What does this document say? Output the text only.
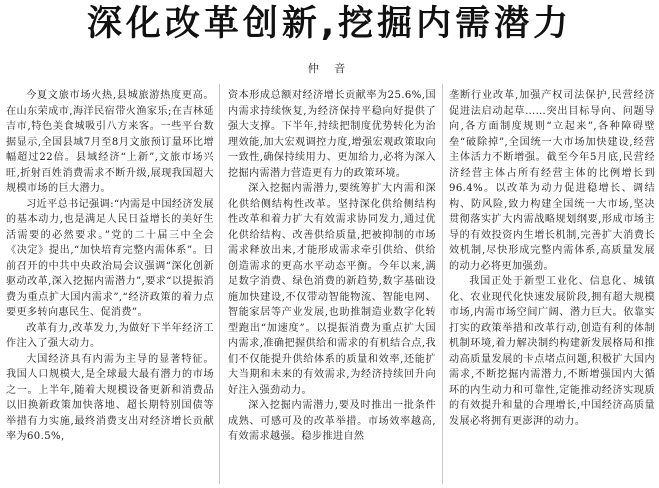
深化改革创新,挖掘内需潜力
仲 音

今夏文旅市场火热,县城旅游热度更高。在山东荣成市,海洋民宿带火渔家乐;在吉林延吉市,特色美食城吸引八方来客。一些平台数据显示,全国县域7月至8月文旅预订量环比增幅超过22倍。县域经济“上新”,文旅市场兴旺,折射百姓消费需求不断升级,展现我国超大规模市场的巨大潜力。

习近平总书记强调:“内需是中国经济发展的基本动力,也是满足人民日益增长的美好生活需要的必然要求。”党的二十届三中全会《决定》提出,“加快培育完整内需体系”。日前召开的中共中央政治局会议强调“深化创新驱动改革,深入挖掘内需潜力”,要求“以提振消费为重点扩大国内需求”,“经济政策的着力点要更多转向惠民生、促消费”。

改革有力,改革发力,为做好下半年经济工作注入了强大动力。

大国经济具有内需为主导的显著特征。我国人口规模大,是全球最大最有潜力的市场之一。上半年,随着大规模设备更新和消费品以旧换新政策加快落地、超长期特别国债等举措有力实施,最终消费支出对经济增长贡献率为60.5%,

资本形成总额对经济增长贡献率为25.6%,国内需求持续恢复,为经济保持平稳向好提供了强大支撑。下半年,持续把制度优势转化为治理效能,加大宏观调控力度,增强宏观政策取向一致性,确保持续用力、更加给力,必将为深入挖掘内需潜力营造更有力的政策环境。

深入挖掘内需潜力,要统筹扩大内需和深化供给侧结构性改革。坚持深化供给侧结构性改革和着力扩大有效需求协同发力,通过优化供给结构、改善供给质量,把被抑制的市场需求释放出来,才能形成需求牵引供给、供给创造需求的更高水平动态平衡。今年以来,满足数字消费、绿色消费的新趋势,数字基础设施加快建设,不仅带动智能物流、智能电网、智能家居等产业发展,也助推制造业数字化转型跑出“加速度”。以提振消费为重点扩大国内需求,准确把握供给和需求的有机结合点,我们不仅能提升供给体系的质量和效率,还能扩大当期和未来的有效需求,为经济持续回升向好注入强劲动力。

深入挖掘内需潜力,要及时推出一批条件成熟、可感可及的改革举措。市场效率越高,有效需求越强。稳步推进自然

垄断行业改革,加强产权司法保护,民营经济促进法启动起草……突出目标导向、问题导向,各方面制度规则“立起来”,各种障碍壁垒“破除掉”,全国统一大市场加快建设,经营主体活力不断增强。截至今年5月底,民营经济经营主体占所有经营主体的比例增长到96.4%。以改革为动力促进稳增长、调结构、防风险,致力构建全国统一大市场,坚决贯彻落实扩大内需战略规划纲要,形成市场主导的有效投资内生增长机制,完善扩大消费长效机制,尽快形成完整内需体系,高质量发展的动力必将更加强劲。

我国正处于新型工业化、信息化、城镇化、农业现代化快速发展阶段,拥有超大规模市场,内需市场空间广阔、潜力巨大。依靠实打实的政策举措和改革行动,创造有利的体制机制环境,着力解决制约构建新发展格局和推动高质量发展的卡点堵点问题,积极扩大国内需求,不断挖掘内需潜力,不断增强国内大循环的内生动力和可靠性,定能推动经济实现质的有效提升和量的合理增长,中国经济高质量发展必将拥有更澎湃的动力。
